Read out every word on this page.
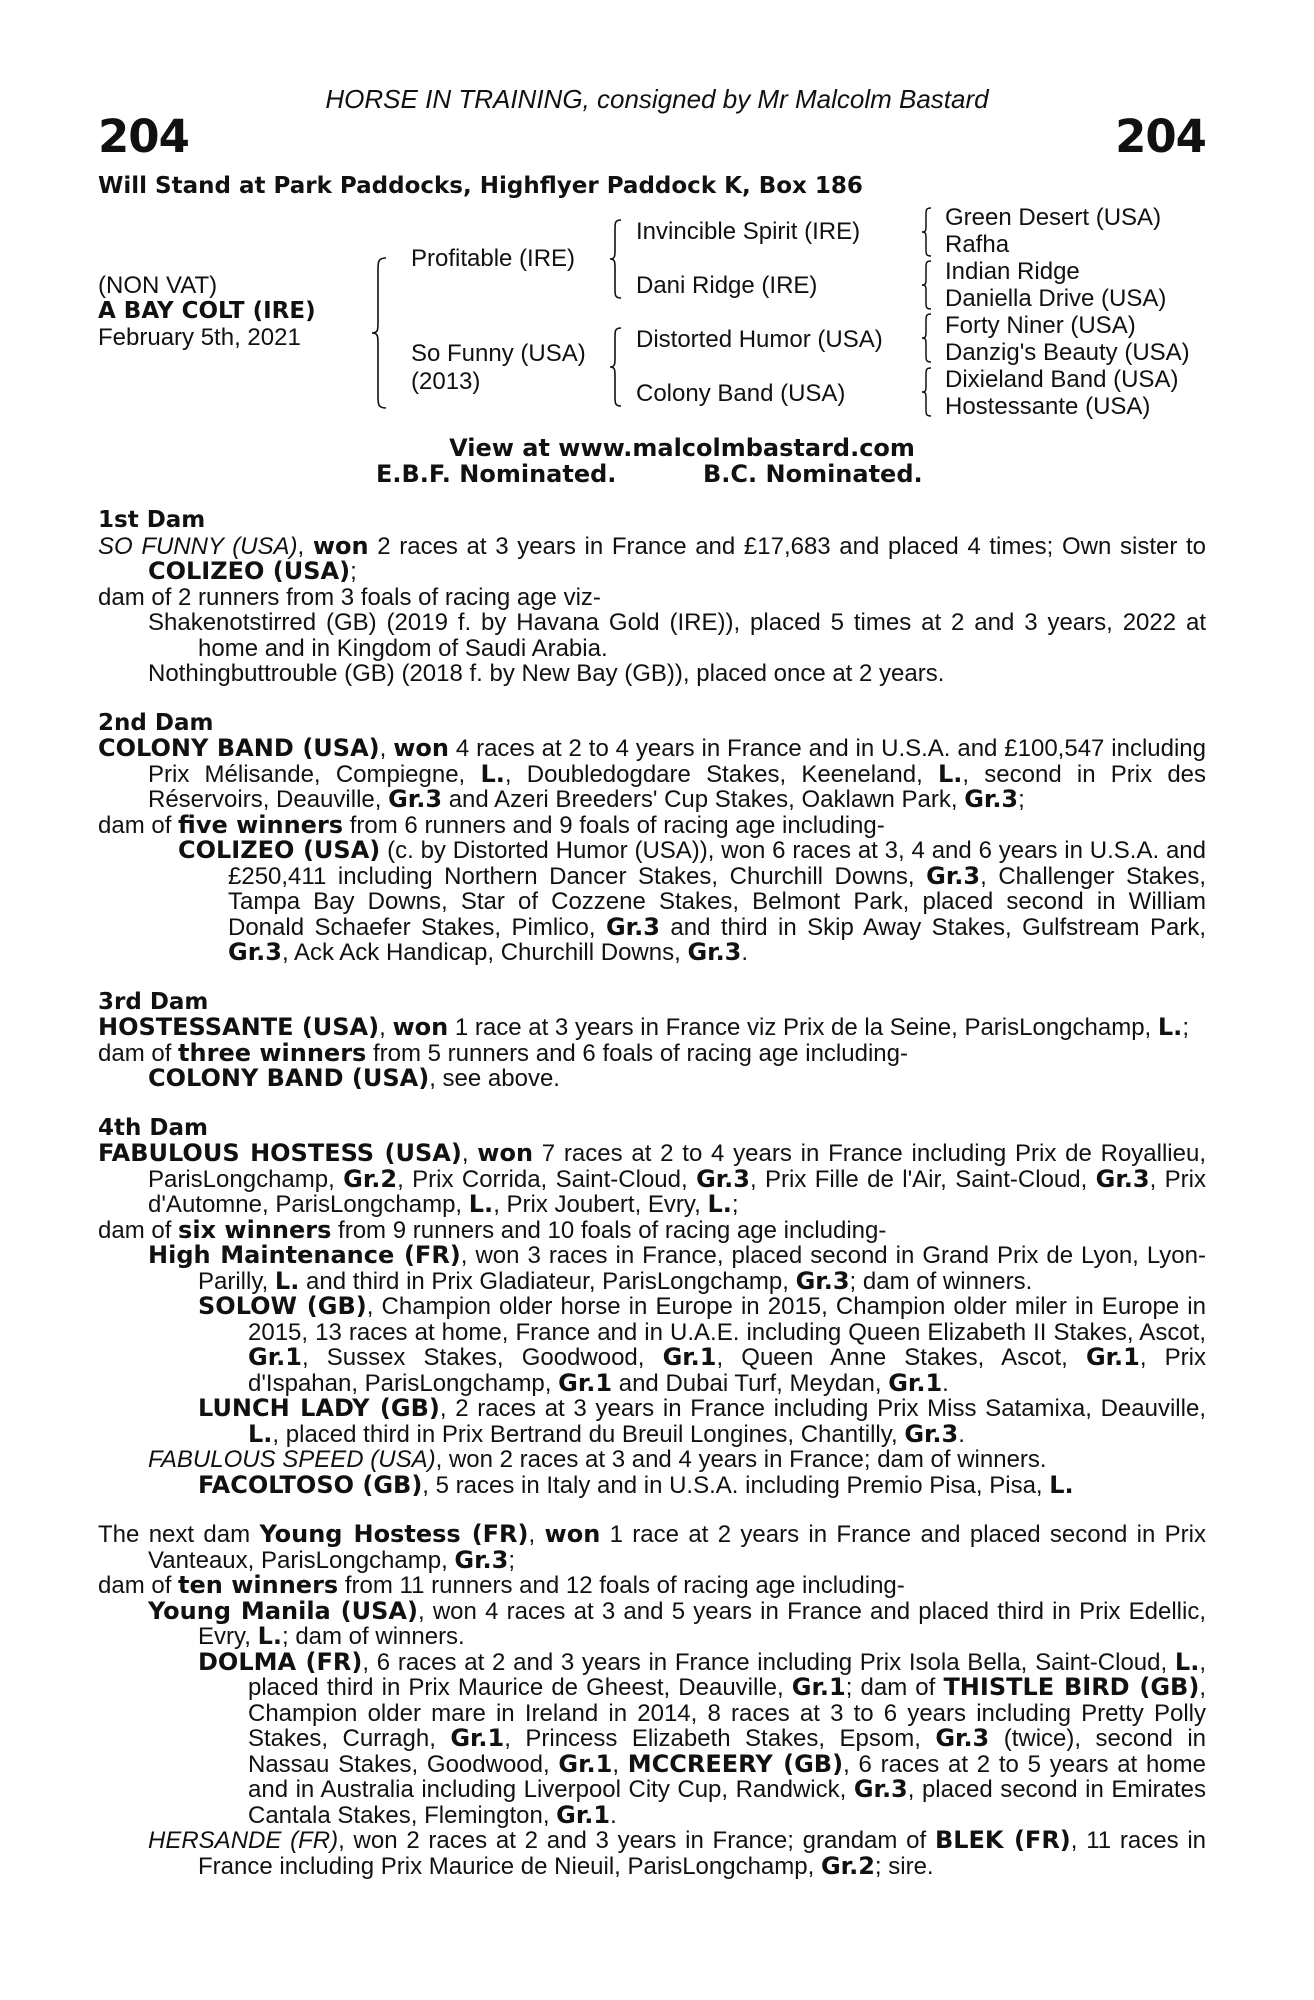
HORSE IN TRAINING, consigned by Mr Malcolm Bastard
204	204
Will Stand at Park Paddocks, Highflyer Paddock K, Box 186
(NON VAT)
A BAY COLT (IRE)
February 5th, 2021
Profitable (IRE)
So Funny (USA)
(2013)
Invincible Spirit (IRE)
Dani Ridge (IRE)
Distorted Humor (USA)
Colony Band (USA)
Green Desert (USA)
Rafha
Indian Ridge
Daniella Drive (USA)
Forty Niner (USA)
Danzig's Beauty (USA)
Dixieland Band (USA)
Hostessante (USA)
View at www.malcolmbastard.com
E.B.F. Nominated.	B.C. Nominated.

1st Dam

SO FUNNY (USA), won 2 races at 3 years in France and £17,683 and placed 4 times; Own sister to COLIZEO (USA);

dam of 2 runners from 3 foals of racing age viz-

Shakenotstirred (GB) (2019 f. by Havana Gold (IRE)), placed 5 times at 2 and 3 years, 2022 at home and in Kingdom of Saudi Arabia.

Nothingbuttrouble (GB) (2018 f. by New Bay (GB)), placed once at 2 years.

2nd Dam

COLONY BAND (USA), won 4 races at 2 to 4 years in France and in U.S.A. and £100,547 including Prix Mélisande, Compiegne, L., Doubledogdare Stakes, Keeneland, L., second in Prix des Réservoirs, Deauville, Gr.3 and Azeri Breeders' Cup Stakes, Oaklawn Park, Gr.3;

dam of five winners from 6 runners and 9 foals of racing age including-

COLIZEO (USA) (c. by Distorted Humor (USA)), won 6 races at 3, 4 and 6 years in U.S.A. and £250,411 including Northern Dancer Stakes, Churchill Downs, Gr.3, Challenger Stakes, Tampa Bay Downs, Star of Cozzene Stakes, Belmont Park, placed second in William Donald Schaefer Stakes, Pimlico, Gr.3 and third in Skip Away Stakes, Gulfstream Park, Gr.3, Ack Ack Handicap, Churchill Downs, Gr.3.

3rd Dam

HOSTESSANTE (USA), won 1 race at 3 years in France viz Prix de la Seine, ParisLongchamp, L.;

dam of three winners from 5 runners and 6 foals of racing age including-

COLONY BAND (USA), see above.

4th Dam

FABULOUS HOSTESS (USA), won 7 races at 2 to 4 years in France including Prix de Royallieu, ParisLongchamp, Gr.2, Prix Corrida, Saint-Cloud, Gr.3, Prix Fille de l'Air, Saint-Cloud, Gr.3, Prix d'Automne, ParisLongchamp, L., Prix Joubert, Evry, L.;

dam of six winners from 9 runners and 10 foals of racing age including-

High Maintenance (FR), won 3 races in France, placed second in Grand Prix de Lyon, Lyon-Parilly, L. and third in Prix Gladiateur, ParisLongchamp, Gr.3; dam of winners.

SOLOW (GB), Champion older horse in Europe in 2015, Champion older miler in Europe in 2015, 13 races at home, France and in U.A.E. including Queen Elizabeth II Stakes, Ascot, Gr.1, Sussex Stakes, Goodwood, Gr.1, Queen Anne Stakes, Ascot, Gr.1, Prix d'Ispahan, ParisLongchamp, Gr.1 and Dubai Turf, Meydan, Gr.1.

LUNCH LADY (GB), 2 races at 3 years in France including Prix Miss Satamixa, Deauville, L., placed third in Prix Bertrand du Breuil Longines, Chantilly, Gr.3.

FABULOUS SPEED (USA), won 2 races at 3 and 4 years in France; dam of winners.

FACOLTOSO (GB), 5 races in Italy and in U.S.A. including Premio Pisa, Pisa, L.

The next dam Young Hostess (FR), won 1 race at 2 years in France and placed second in Prix Vanteaux, ParisLongchamp, Gr.3;

dam of ten winners from 11 runners and 12 foals of racing age including-

Young Manila (USA), won 4 races at 3 and 5 years in France and placed third in Prix Edellic, Evry, L.; dam of winners.

DOLMA (FR), 6 races at 2 and 3 years in France including Prix Isola Bella, Saint-Cloud, L., placed third in Prix Maurice de Gheest, Deauville, Gr.1; dam of THISTLE BIRD (GB), Champion older mare in Ireland in 2014, 8 races at 3 to 6 years including Pretty Polly Stakes, Curragh, Gr.1, Princess Elizabeth Stakes, Epsom, Gr.3 (twice), second in Nassau Stakes, Goodwood, Gr.1, MCCREERY (GB), 6 races at 2 to 5 years at home and in Australia including Liverpool City Cup, Randwick, Gr.3, placed second in Emirates Cantala Stakes, Flemington, Gr.1.

HERSANDE (FR), won 2 races at 2 and 3 years in France; grandam of BLEK (FR), 11 races in France including Prix Maurice de Nieuil, ParisLongchamp, Gr.2; sire.
